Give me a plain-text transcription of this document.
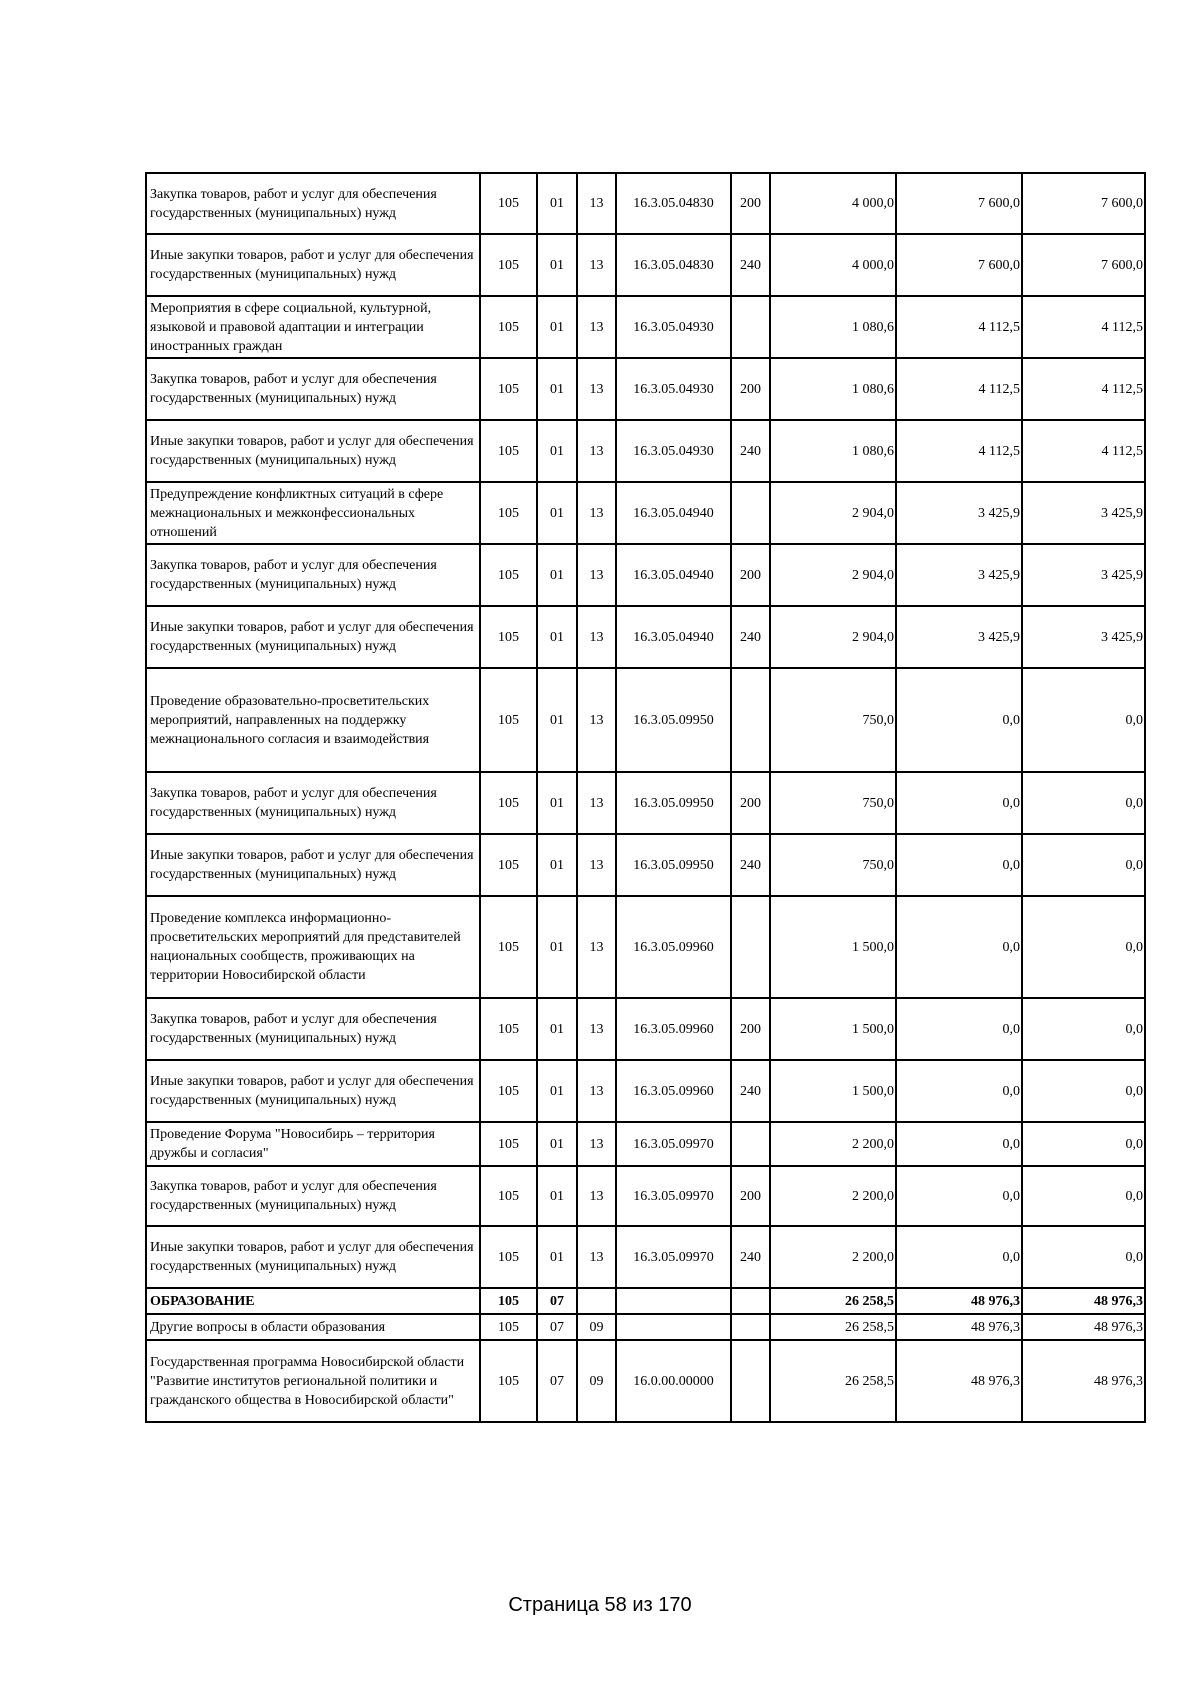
Закупка товаров, работ и услуг для обеспечения государственных (муниципальных) нужд	105	01	13	16.3.05.04830	200	4 000,0	7 600,0	7 600,0
Иные закупки товаров, работ и услуг для обеспечения государственных (муниципальных) нужд	105	01	13	16.3.05.04830	240	4 000,0	7 600,0	7 600,0
Мероприятия в сфере социальной, культурной, языковой и правовой адаптации и интеграции иностранных граждан	105	01	13	16.3.05.04930		1 080,6	4 112,5	4 112,5
Закупка товаров, работ и услуг для обеспечения государственных (муниципальных) нужд	105	01	13	16.3.05.04930	200	1 080,6	4 112,5	4 112,5
Иные закупки товаров, работ и услуг для обеспечения государственных (муниципальных) нужд	105	01	13	16.3.05.04930	240	1 080,6	4 112,5	4 112,5
Предупреждение конфликтных ситуаций в сфере межнациональных и межконфессиональных отношений	105	01	13	16.3.05.04940		2 904,0	3 425,9	3 425,9
Закупка товаров, работ и услуг для обеспечения государственных (муниципальных) нужд	105	01	13	16.3.05.04940	200	2 904,0	3 425,9	3 425,9
Иные закупки товаров, работ и услуг для обеспечения государственных (муниципальных) нужд	105	01	13	16.3.05.04940	240	2 904,0	3 425,9	3 425,9
Проведение образовательно-просветительских мероприятий, направленных на поддержку межнационального согласия и взаимодействия	105	01	13	16.3.05.09950		750,0	0,0	0,0
Закупка товаров, работ и услуг для обеспечения государственных (муниципальных) нужд	105	01	13	16.3.05.09950	200	750,0	0,0	0,0
Иные закупки товаров, работ и услуг для обеспечения государственных (муниципальных) нужд	105	01	13	16.3.05.09950	240	750,0	0,0	0,0
Проведение комплекса информационно-просветительских мероприятий для представителей национальных сообществ, проживающих на территории Новосибирской области	105	01	13	16.3.05.09960		1 500,0	0,0	0,0
Закупка товаров, работ и услуг для обеспечения государственных (муниципальных) нужд	105	01	13	16.3.05.09960	200	1 500,0	0,0	0,0
Иные закупки товаров, работ и услуг для обеспечения государственных (муниципальных) нужд	105	01	13	16.3.05.09960	240	1 500,0	0,0	0,0
Проведение Форума "Новосибирь – территория дружбы и согласия"	105	01	13	16.3.05.09970		2 200,0	0,0	0,0
Закупка товаров, работ и услуг для обеспечения государственных (муниципальных) нужд	105	01	13	16.3.05.09970	200	2 200,0	0,0	0,0
Иные закупки товаров, работ и услуг для обеспечения государственных (муниципальных) нужд	105	01	13	16.3.05.09970	240	2 200,0	0,0	0,0
ОБРАЗОВАНИЕ	105	07				26 258,5	48 976,3	48 976,3
Другие вопросы в области образования	105	07	09			26 258,5	48 976,3	48 976,3
Государственная программа Новосибирской области "Развитие институтов региональной политики и гражданского общества в Новосибирской области"	105	07	09	16.0.00.00000		26 258,5	48 976,3	48 976,3
Страница 58 из 170
